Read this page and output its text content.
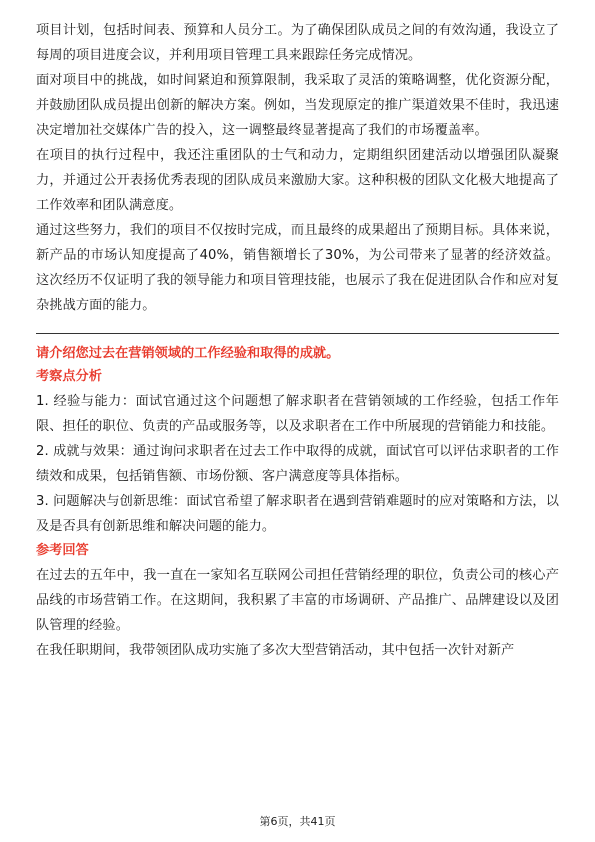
项目计划，包括时间表、预算和人员分工。为了确保团队成员之间的有效沟通，我设立了每周的项目进度会议，并利用项目管理工具来跟踪任务完成情况。

面对项目中的挑战，如时间紧迫和预算限制，我采取了灵活的策略调整，优化资源分配，并鼓励团队成员提出创新的解决方案。例如，当发现原定的推广渠道效果不佳时，我迅速决定增加社交媒体广告的投入，这一调整最终显著提高了我们的市场覆盖率。

在项目的执行过程中，我还注重团队的士气和动力，定期组织团建活动以增强团队凝聚力，并通过公开表扬优秀表现的团队成员来激励大家。这种积极的团队文化极大地提高了工作效率和团队满意度。

通过这些努力，我们的项目不仅按时完成，而且最终的成果超出了预期目标。具体来说，新产品的市场认知度提高了40%，销售额增长了30%，为公司带来了显著的经济效益。这次经历不仅证明了我的领导能力和项目管理技能，也展示了我在促进团队合作和应对复杂挑战方面的能力。

请介绍您过去在营销领域的工作经验和取得的成就。

考察点分析

1. 经验与能力：面试官通过这个问题想了解求职者在营销领域的工作经验，包括工作年限、担任的职位、负责的产品或服务等，以及求职者在工作中所展现的营销能力和技能。

2. 成就与效果：通过询问求职者在过去工作中取得的成就，面试官可以评估求职者的工作绩效和成果，包括销售额、市场份额、客户满意度等具体指标。

3. 问题解决与创新思维：面试官希望了解求职者在遇到营销难题时的应对策略和方法，以及是否具有创新思维和解决问题的能力。

参考回答

在过去的五年中，我一直在一家知名互联网公司担任营销经理的职位，负责公司的核心产品线的市场营销工作。在这期间，我积累了丰富的市场调研、产品推广、品牌建设以及团队管理的经验。

在我任职期间，我带领团队成功实施了多次大型营销活动，其中包括一次针对新产

第6页，共41页
